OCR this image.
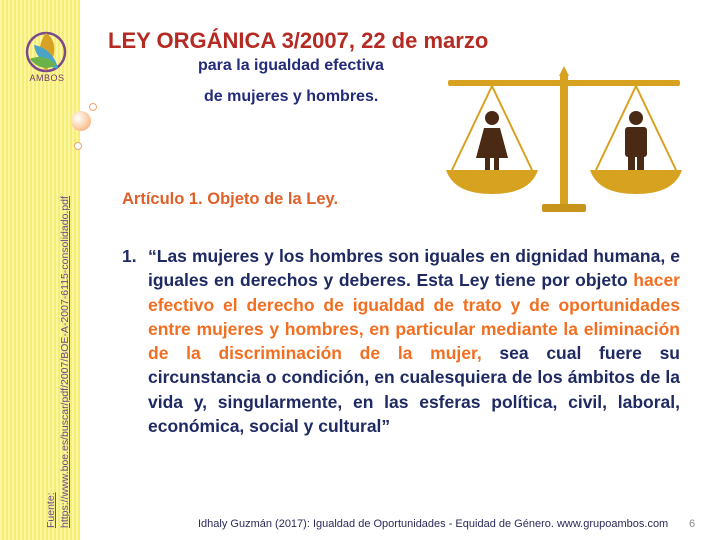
AMBOS
Fuente: https://www.boe.es/buscar/pdf/2007/BOE-A-2007-6115-consolidado.pdf
LEY ORGÁNICA 3/2007, 22 de marzo
para la igualdad efectiva
de mujeres y hombres.
Artículo 1. Objeto de la Ley.
1. “Las mujeres y los hombres son iguales en dignidad humana, e iguales en derechos y deberes. Esta Ley tiene por objeto hacer efectivo el derecho de igualdad de trato y de oportunidades entre mujeres y hombres, en particular mediante la eliminación de la discriminación de la mujer, sea cual fuere su circunstancia o condición, en cualesquiera de los ámbitos de la vida y, singularmente, en las esferas política, civil, laboral, económica, social y cultural”
Idhaly Guzmán (2017): Igualdad de Oportunidades - Equidad de Género. www.grupoambos.com 6
